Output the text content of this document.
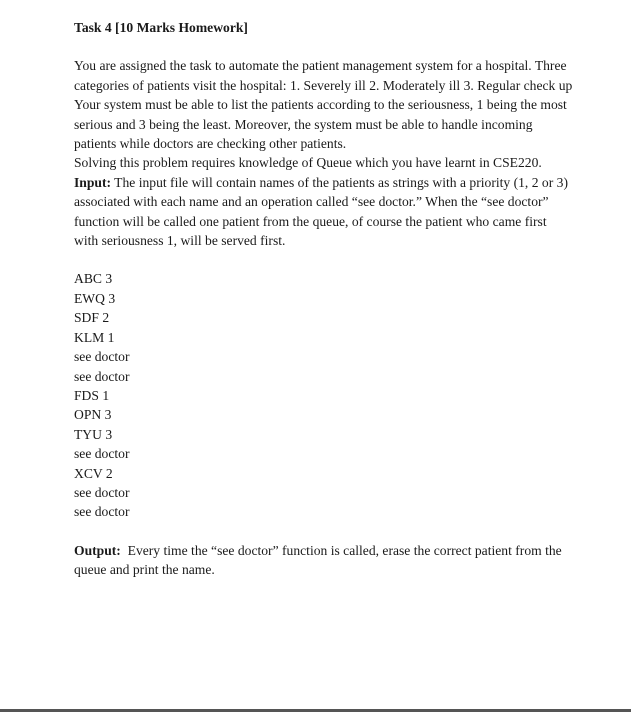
Task 4 [10 Marks Homework]

You are assigned the task to automate the patient management system for a hospital. Three categories of patients visit the hospital: 1. Severely ill 2. Moderately ill 3. Regular check up

Your system must be able to list the patients according to the seriousness, 1 being the most serious and 3 being the least. Moreover, the system must be able to handle incoming patients while doctors are checking other patients.

Solving this problem requires knowledge of Queue which you have learnt in CSE220.

Input: The input file will contain names of the patients as strings with a priority (1, 2 or 3) associated with each name and an operation called “see doctor.” When the “see doctor” function will be called one patient from the queue, of course the patient who came first with seriousness 1, will be served first.

ABC 3

EWQ 3

SDF 2

KLM 1

see doctor

see doctor

FDS 1

OPN 3

TYU 3

see doctor

XCV 2

see doctor

see doctor

Output:  Every time the “see doctor” function is called, erase the correct patient from the queue and print the name.
